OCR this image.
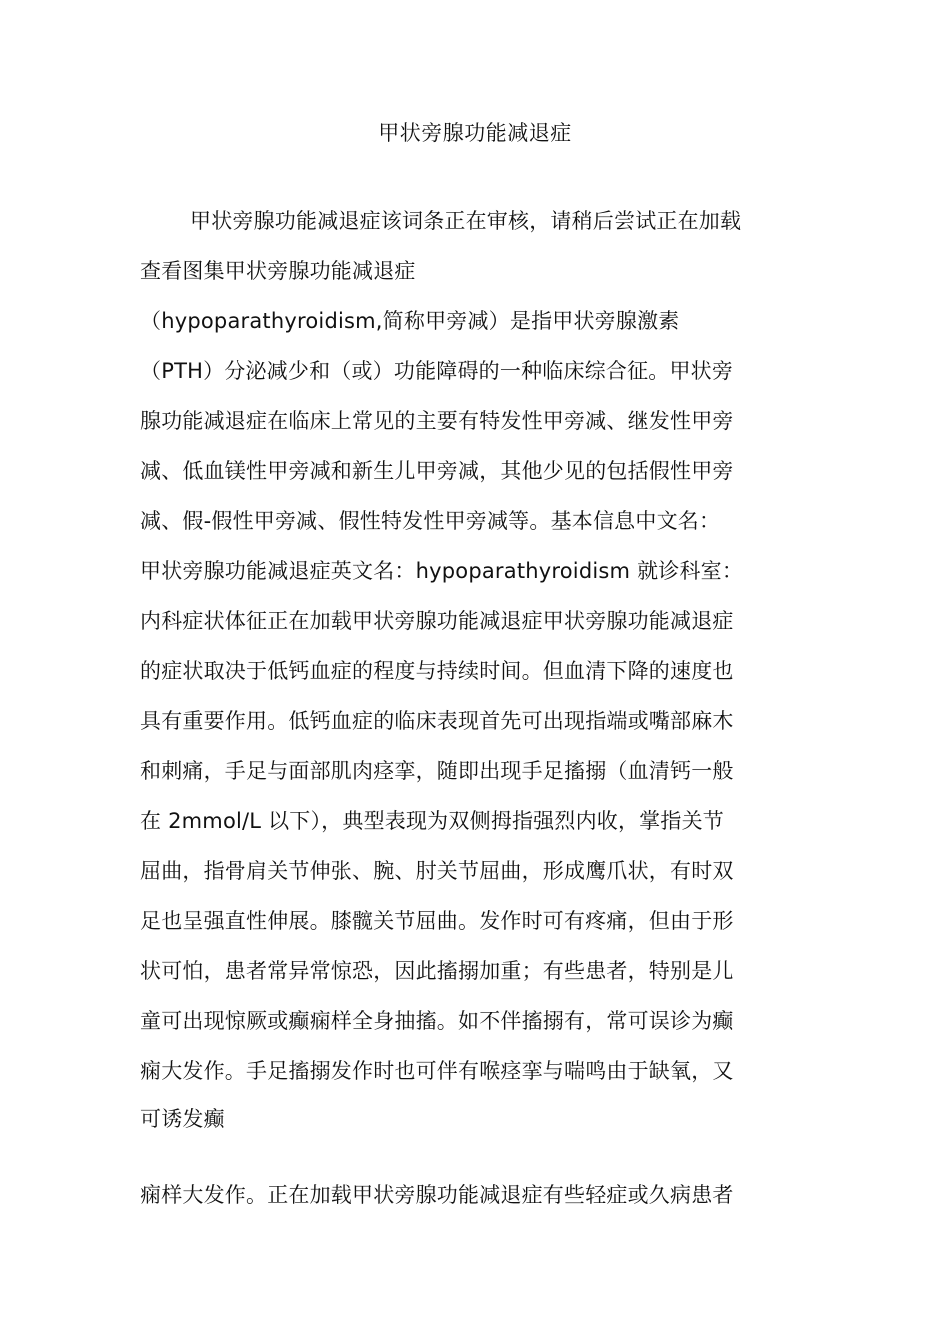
甲状旁腺功能减退症
甲状旁腺功能减退症该词条正在审核，请稍后尝试正在加载
查看图集甲状旁腺功能减退症
（hypoparathyroidism,简称甲旁减）是指甲状旁腺激素
（PTH）分泌减少和（或）功能障碍的一种临床综合征。甲状旁
腺功能减退症在临床上常见的主要有特发性甲旁减、继发性甲旁
减、低血镁性甲旁减和新生儿甲旁减，其他少见的包括假性甲旁
减、假-假性甲旁减、假性特发性甲旁减等。基本信息中文名：
甲状旁腺功能减退症英文名：hypoparathyroidism 就诊科室：
内科症状体征正在加载甲状旁腺功能减退症甲状旁腺功能减退症
的症状取决于低钙血症的程度与持续时间。但血清下降的速度也
具有重要作用。低钙血症的临床表现首先可出现指端或嘴部麻木
和刺痛，手足与面部肌肉痉挛，随即出现手足搐搦（血清钙一般
在 2mmol/L 以下），典型表现为双侧拇指强烈内收，掌指关节
屈曲，指骨肩关节伸张、腕、肘关节屈曲，形成鹰爪状，有时双
足也呈强直性伸展。膝髋关节屈曲。发作时可有疼痛，但由于形
状可怕，患者常异常惊恐，因此搐搦加重；有些患者，特别是儿
童可出现惊厥或癫痫样全身抽搐。如不伴搐搦有，常可误诊为癫
痫大发作。手足搐搦发作时也可伴有喉痉挛与喘鸣由于缺氧，又
可诱发癫
痫样大发作。正在加载甲状旁腺功能减退症有些轻症或久病患者
